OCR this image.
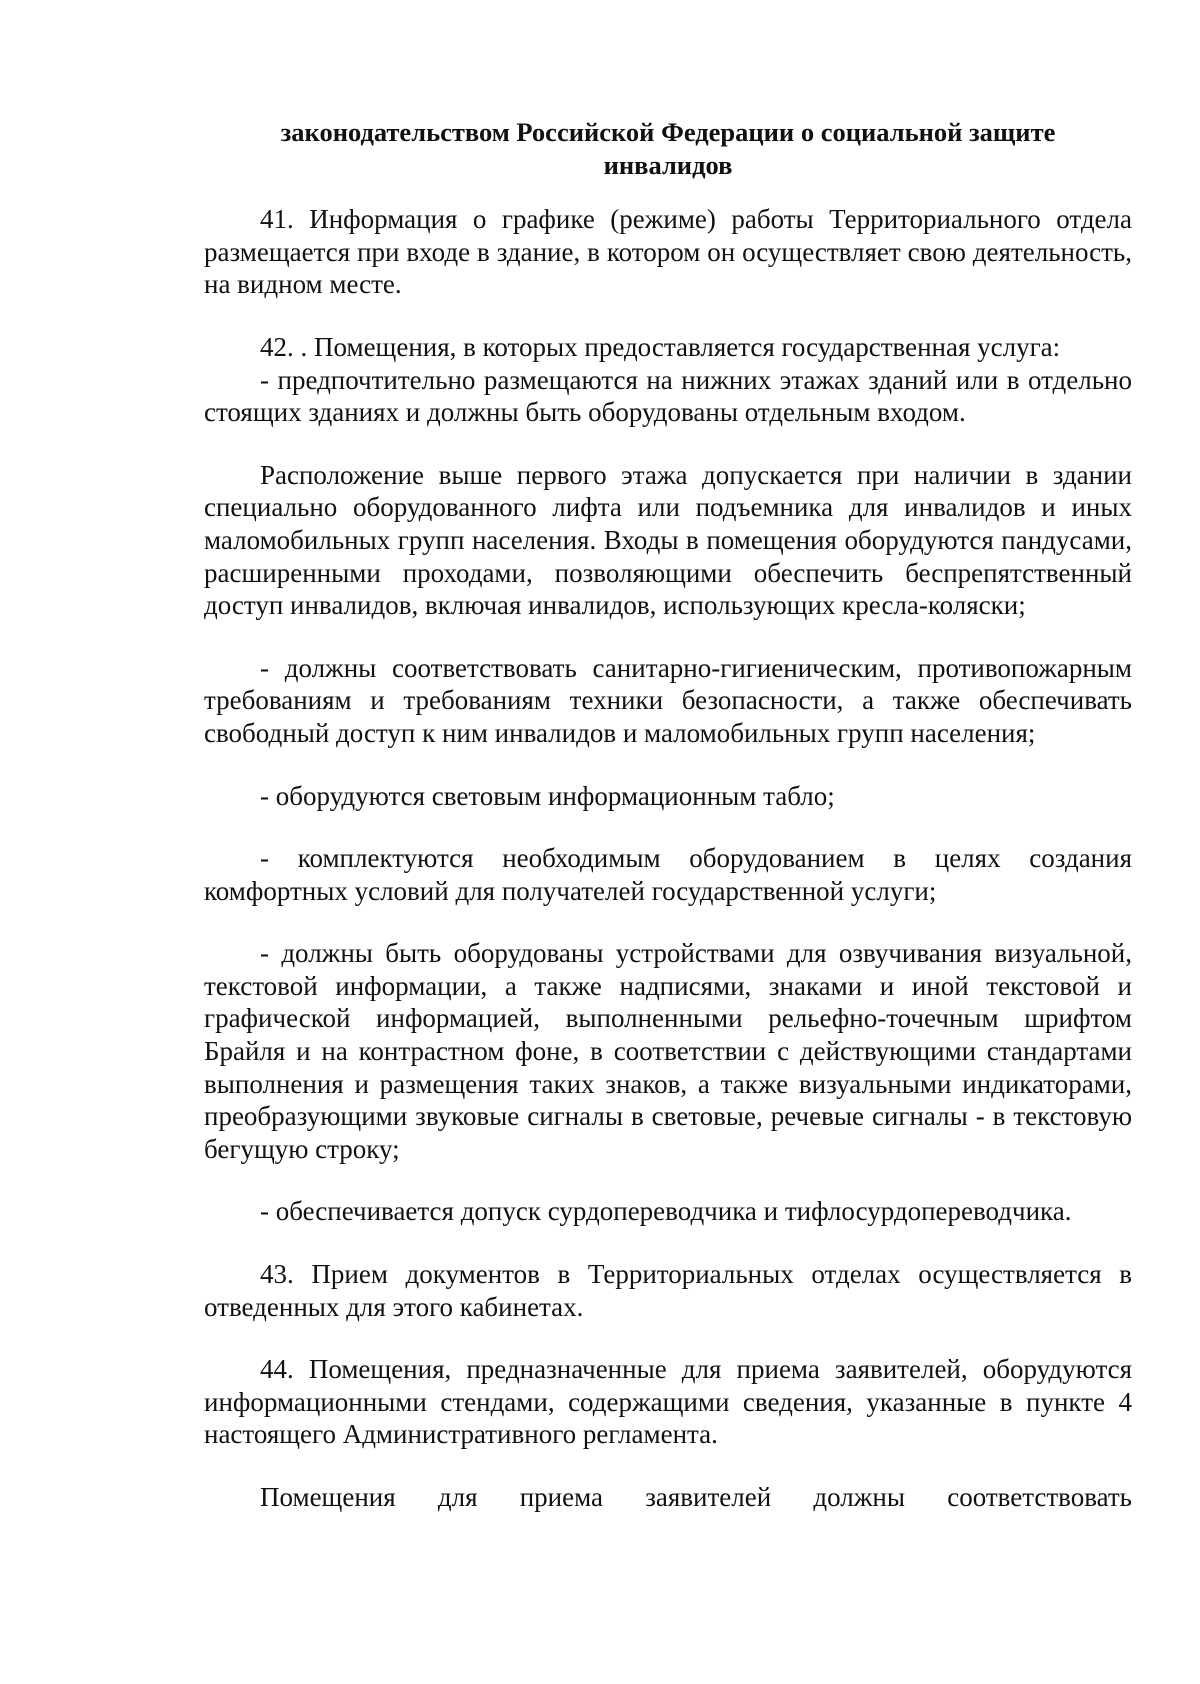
законодательством Российской Федерации о социальной защите
инвалидов

41. Информация о графике (режиме) работы Территориального отдела размещается при входе в здание, в котором он осуществляет свою деятельность, на видном месте.

42. . Помещения, в которых предоставляется государственная услуга:

- предпочтительно размещаются на нижних этажах зданий или в отдельно стоящих зданиях и должны быть оборудованы отдельным входом.

Расположение выше первого этажа допускается при наличии в здании специально оборудованного лифта или подъемника для инвалидов и иных маломобильных групп населения. Входы в помещения оборудуются пандусами, расширенными проходами, позволяющими обеспечить беспрепятственный доступ инвалидов, включая инвалидов, использующих кресла-коляски;

- должны соответствовать санитарно-гигиеническим, противопожарным требованиям и требованиям техники безопасности, а также обеспечивать свободный доступ к ним инвалидов и маломобильных групп населения;

- оборудуются световым информационным табло;

- комплектуются необходимым оборудованием в целях создания комфортных условий для получателей государственной услуги;

- должны быть оборудованы устройствами для озвучивания визуальной, текстовой информации, а также надписями, знаками и иной текстовой и графической информацией, выполненными рельефно-точечным шрифтом Брайля и на контрастном фоне, в соответствии с действующими стандартами выполнения и размещения таких знаков, а также визуальными индикаторами, преобразующими звуковые сигналы в световые, речевые сигналы - в текстовую бегущую строку;

- обеспечивается допуск сурдопереводчика и тифлосурдопереводчика.

43. Прием документов в Территориальных отделах осуществляется в отведенных для этого кабинетах.

44. Помещения, предназначенные для приема заявителей, оборудуются информационными стендами, содержащими сведения, указанные в пункте 4 настоящего Административного регламента.

Помещения для приема заявителей должны соответствовать
